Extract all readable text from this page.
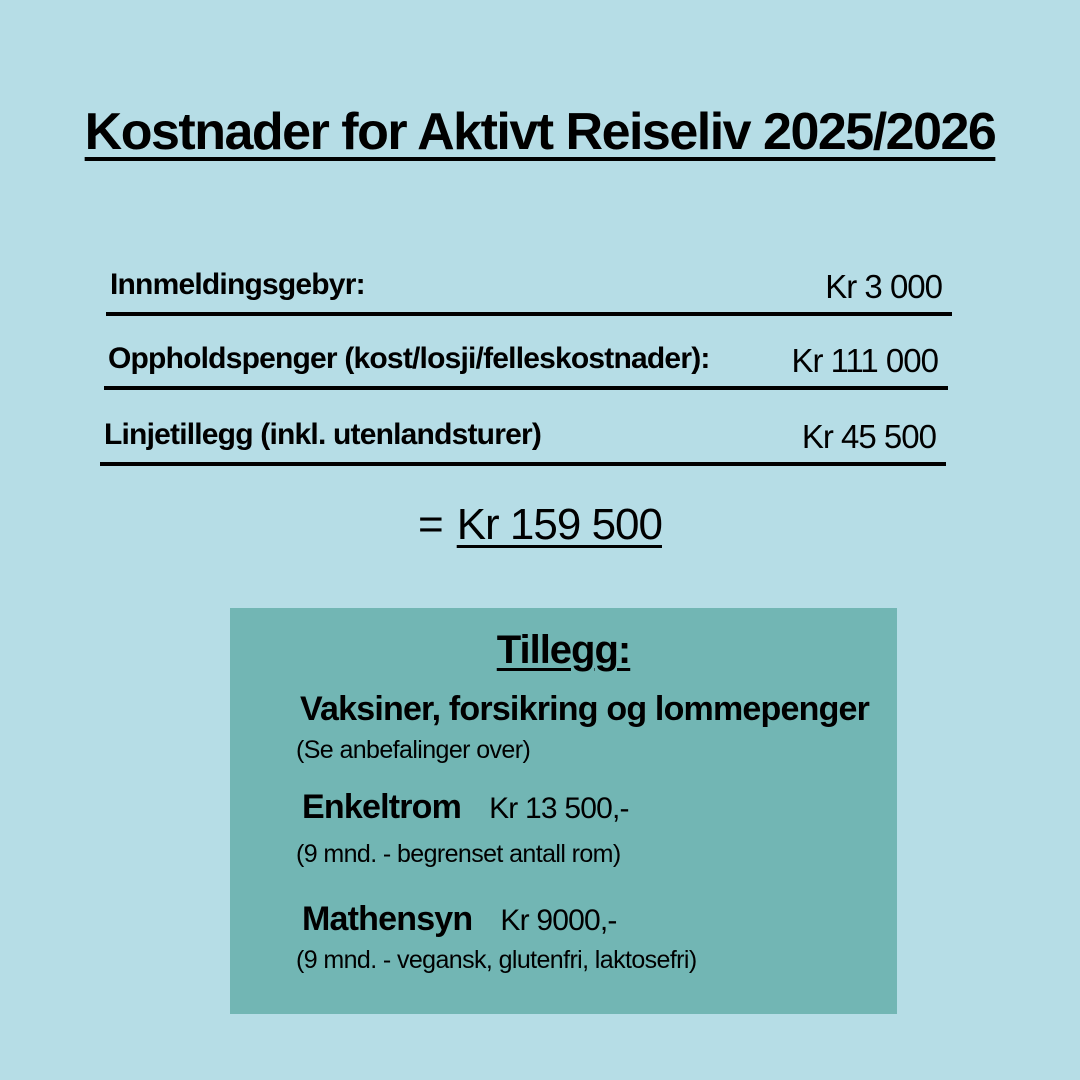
Kostnader for Aktivt Reiseliv 2025/2026
Innmeldingsgebyr:	Kr 3 000
Oppholdspenger (kost/losji/felleskostnader): Kr 111 000
Linjetillegg (inkl. utenlandsturer)	Kr 45 500
= Kr 159 500
Tillegg:
Vaksiner, forsikring og lommepenger
(Se anbefalinger over)
Enkeltrom Kr 13 500,-
(9 mnd. - begrenset antall rom)
Mathensyn Kr 9000,-
(9 mnd. - vegansk, glutenfri, laktosefri)
